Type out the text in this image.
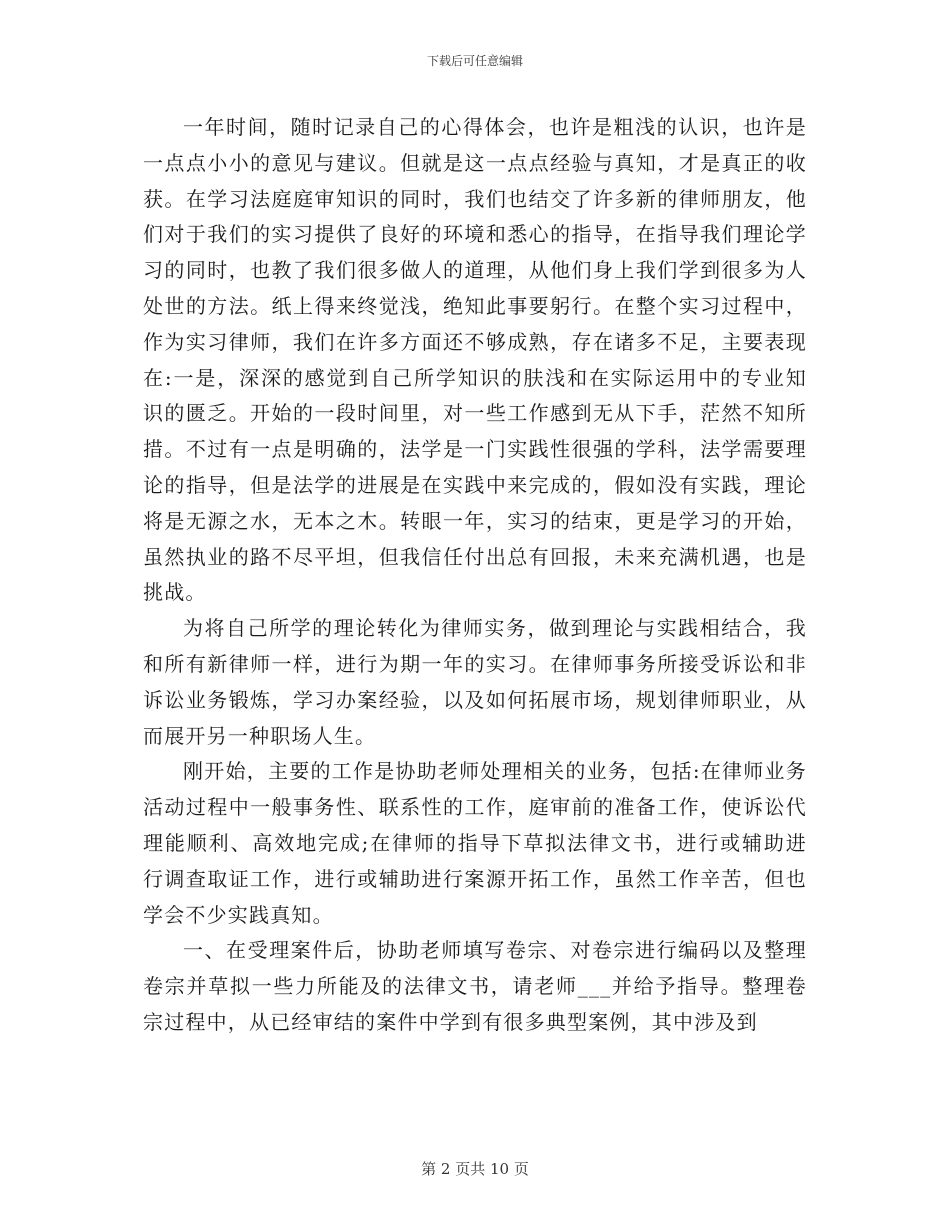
下载后可任意编辑

一年时间，随时记录自己的心得体会，也许是粗浅的认识，也许是一点点小小的意见与建议。但就是这一点点经验与真知，才是真正的收获。在学习法庭庭审知识的同时，我们也结交了许多新的律师朋友，他们对于我们的实习提供了良好的环境和悉心的指导，在指导我们理论学习的同时，也教了我们很多做人的道理，从他们身上我们学到很多为人处世的方法。纸上得来终觉浅，绝知此事要躬行。在整个实习过程中，作为实习律师，我们在许多方面还不够成熟，存在诸多不足，主要表现在:一是，深深的感觉到自己所学知识的肤浅和在实际运用中的专业知识的匮乏。开始的一段时间里，对一些工作感到无从下手，茫然不知所措。不过有一点是明确的，法学是一门实践性很强的学科，法学需要理论的指导，但是法学的进展是在实践中来完成的，假如没有实践，理论将是无源之水，无本之木。转眼一年，实习的结束，更是学习的开始，虽然执业的路不尽平坦，但我信任付出总有回报，未来充满机遇，也是挑战。

为将自己所学的理论转化为律师实务，做到理论与实践相结合，我和所有新律师一样，进行为期一年的实习。在律师事务所接受诉讼和非诉讼业务锻炼，学习办案经验，以及如何拓展市场，规划律师职业，从而展开另一种职场人生。

刚开始，主要的工作是协助老师处理相关的业务，包括:在律师业务活动过程中一般事务性、联系性的工作，庭审前的准备工作，使诉讼代理能顺利、高效地完成;在律师的指导下草拟法律文书，进行或辅助进行调查取证工作，进行或辅助进行案源开拓工作，虽然工作辛苦，但也学会不少实践真知。

一、在受理案件后，协助老师填写卷宗、对卷宗进行编码以及整理卷宗并草拟一些力所能及的法律文书，请老师___并给予指导。整理卷宗过程中，从已经审结的案件中学到有很多典型案例，其中涉及到

第 2 页共 10 页
